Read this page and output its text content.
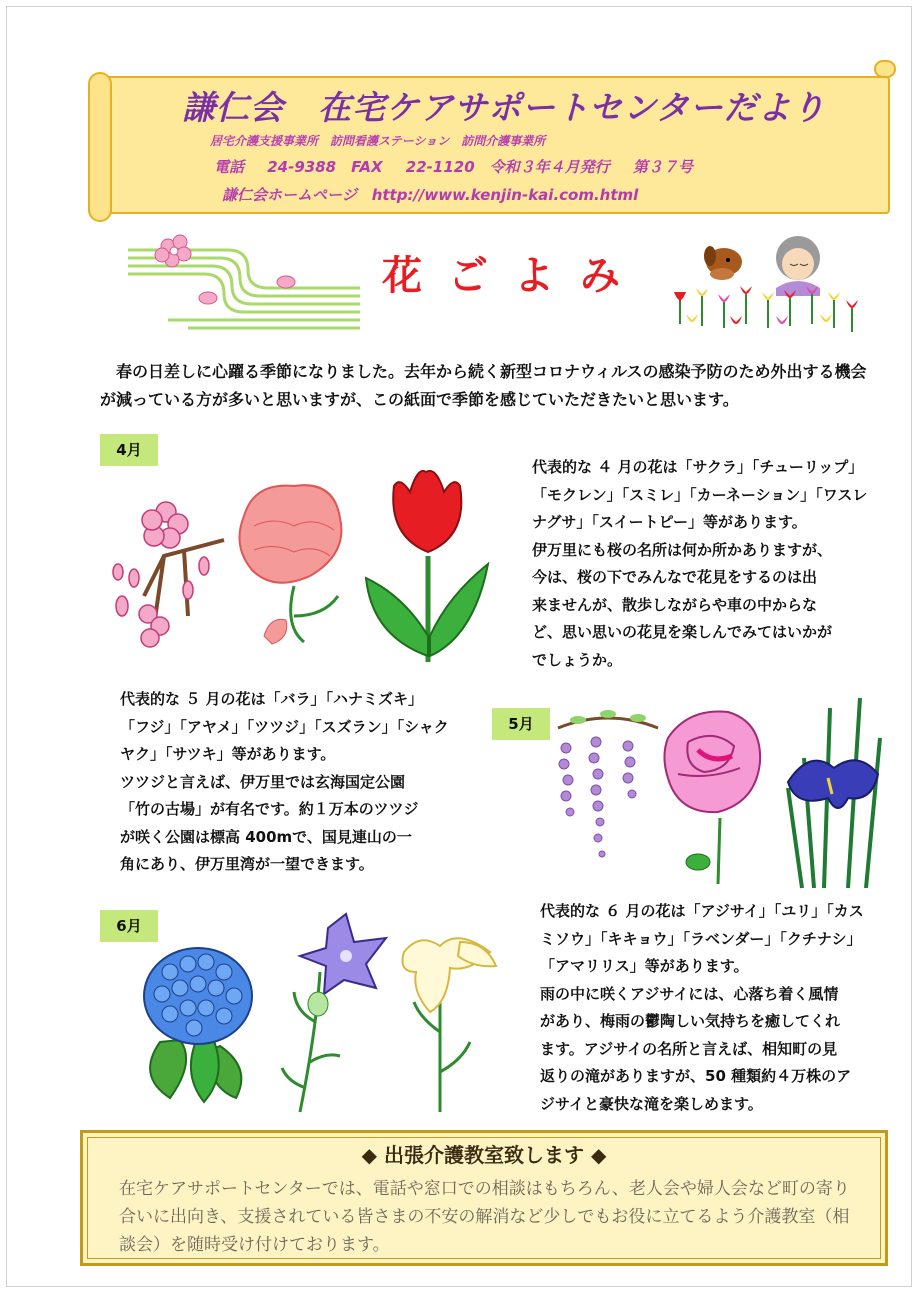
謙仁会　在宅ケアサポートセンターだより
居宅介護支援事業所　訪問看護ステーション　訪問介護事業所
電話 24-9388　FAX 22-1120　令和３年４月発行 第３７号
謙仁会ホームページ　http://www.kenjin-kai.com.html
花ごよみ
春の日差しに心躍る季節になりました。去年から続く新型コロナウィルスの感染予防のため外出する機会が減っている方が多いと思いますが、この紙面で季節を感じていただきたいと思います。
4月

代表的な ４ 月の花は「サクラ」「チューリップ」

「モクレン」「スミレ」「カーネーション」「ワスレ

ナグサ」「スイートピー」等があります。

伊万里にも桜の名所は何か所かありますが、

今は、桜の下でみんなで花見をするのは出

来ませんが、散歩しながらや車の中からな

ど、思い思いの花見を楽しんでみてはいかが

でしょうか。

代表的な ５ 月の花は「バラ」「ハナミズキ」

「フジ」「アヤメ」「ツツジ」「スズラン」「シャク

ヤク」「サツキ」等があります。

ツツジと言えば、伊万里では玄海国定公園

「竹の古場」が有名です。約１万本のツツジ

が咲く公園は標高 400mで、国見連山の一

角にあり、伊万里湾が一望できます。

5月
6月

代表的な ６ 月の花は「アジサイ」「ユリ」「カス

ミソウ」「キキョウ」「ラベンダー」「クチナシ」

「アマリリス」等があります。

雨の中に咲くアジサイには、心落ち着く風情

があり、梅雨の鬱陶しい気持ちを癒してくれ

ます。アジサイの名所と言えば、相知町の見

返りの滝がありますが、50 種類約４万株のア

ジサイと豪快な滝を楽しめます。

◆ 出張介護教室致します ◆
在宅ケアサポートセンターでは、電話や窓口での相談はもちろん、老人会や婦人会など町の寄り合いに出向き、支援されている皆さまの不安の解消など少しでもお役に立てるよう介護教室（相談会）を随時受け付けております。
